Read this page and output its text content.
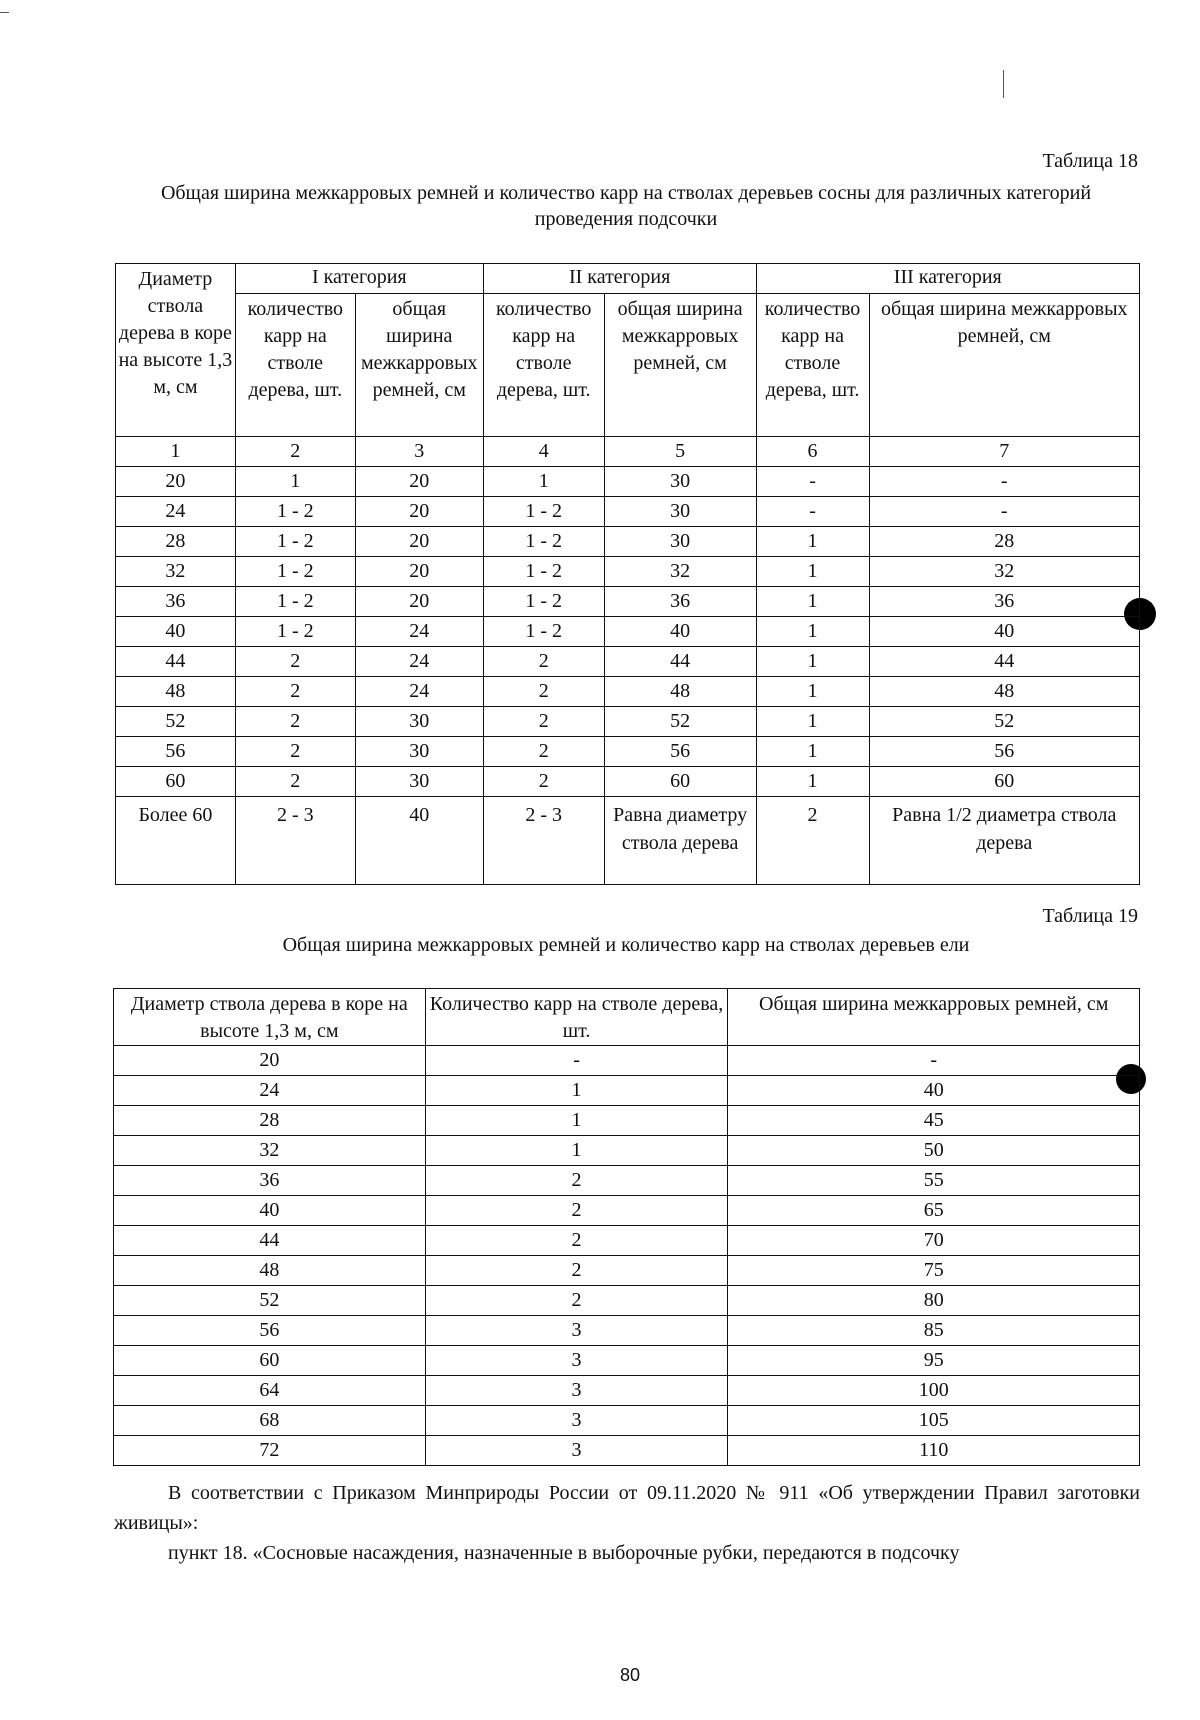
Таблица 18
Общая ширина межкарровых ремней и количество карр на стволах деревьев сосны для различных категорий проведения подсочки
Диаметр ствола дерева в коре на высоте 1,3 м, см	I категория		II категория		III категория	
	количество карр на стволе дерева, шт.	общая ширина межкарровых ремней, см	количество карр на стволе дерева, шт.	общая ширина межкарровых ремней, см	количество карр на стволе дерева, шт.	общая ширина межкарровых ремней, см
1	2	3	4	5	6	7
20	1	20	1	30	-	-
24	1 - 2	20	1 - 2	30	-	-
28	1 - 2	20	1 - 2	30	1	28
32	1 - 2	20	1 - 2	32	1	32
36	1 - 2	20	1 - 2	36	1	36
40	1 - 2	24	1 - 2	40	1	40
44	2	24	2	44	1	44
48	2	24	2	48	1	48
52	2	30	2	52	1	52
56	2	30	2	56	1	56
60	2	30	2	60	1	60
Более 60	2 - 3	40	2 - 3	Равна диаметру ствола дерева	2	Равна 1/2 диаметра ствола дерева
Таблица 19
Общая ширина межкарровых ремней и количество карр на стволах деревьев ели
Диаметр ствола дерева в коре на высоте 1,3 м, см	Количество карр на стволе дерева, шт.	Общая ширина межкарровых ремней, см
20	-	-
24	1	40
28	1	45
32	1	50
36	2	55
40	2	65
44	2	70
48	2	75
52	2	80
56	3	85
60	3	95
64	3	100
68	3	105
72	3	110
В соответствии с Приказом Минприроды России от 09.11.2020 № 911 «Об утверждении Правил заготовки живицы»:
пункт 18. «Сосновые насаждения, назначенные в выборочные рубки, передаются в подсочку
80
